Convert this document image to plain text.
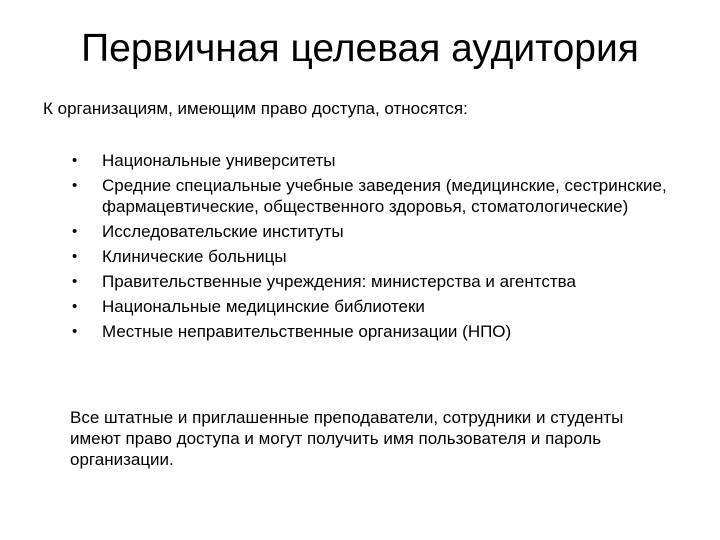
Первичная целевая аудитория

К организациям, имеющим право доступа, относятся:

• Национальные университеты
• Средние специальные учебные заведения (медицинские, сестринские, фармацевтические, общественного здоровья, стоматологические)
• Исследовательские институты
• Клинические больницы
• Правительственные учреждения: министерства и агентства
• Национальные медицинские библиотеки
• Местные неправительственные организации (НПО)

Все штатные и приглашенные преподаватели, сотрудники и студенты имеют право доступа и могут получить имя пользователя и пароль организации.
